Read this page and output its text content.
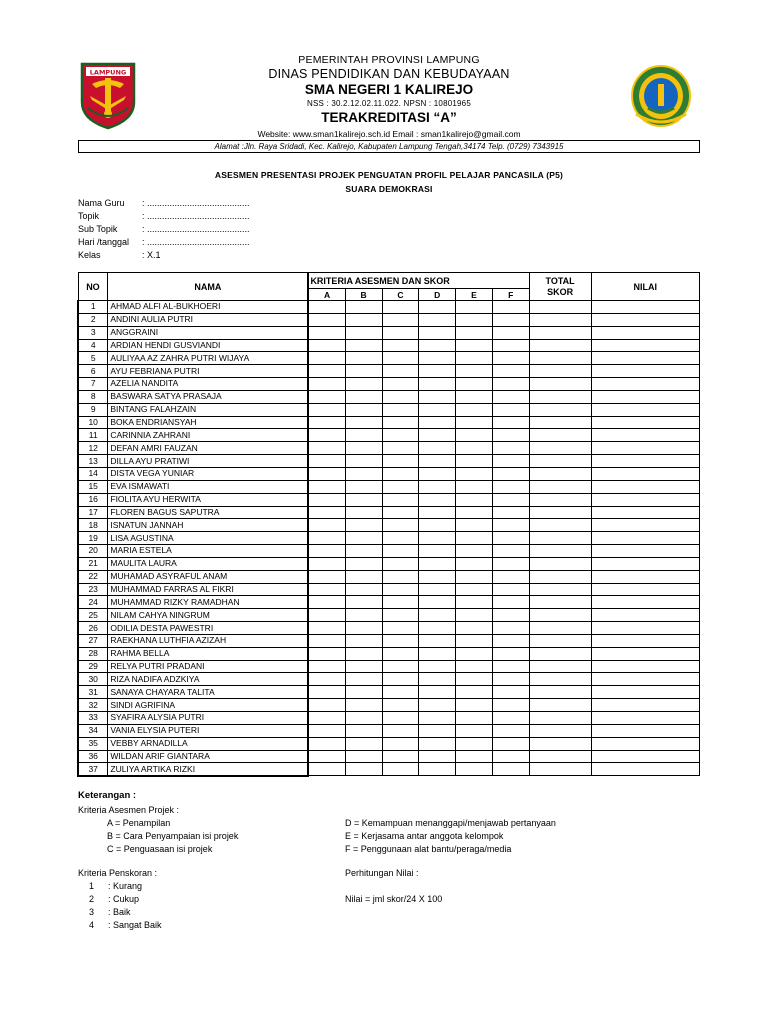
LAMPUNG
PEMERINTAH PROVINSI LAMPUNG
DINAS PENDIDIKAN DAN KEBUDAYAAN
SMA NEGERI 1 KALIREJO
NSS : 30.2.12.02.11.022. NPSN : 10801965
TERAKREDITASI “A”
Website: www.sman1kalirejo.sch.id Email : sman1kalirejo@gmail.com
Alamat :Jln. Raya Sridadi, Kec. Kalirejo, Kabupaten Lampung Tengah,34174 Telp. (0729) 7343915
ASESMEN PRESENTASI PROJEK PENGUATAN PROFIL PELAJAR PANCASILA (P5)
SUARA DEMOKRASI
Nama Guru	: .........................................
Topik	: .........................................
Sub Topik	: .........................................
Hari /tanggal	: .........................................
Kelas	: X.1
NO	NAMA	KRITERIA ASESMEN DAN SKOR						TOTAL SKOR	NILAI
		A	B	C	D	E	F		
1	AHMAD ALFI AL-BUKHOERI								
2	ANDINI AULIA PUTRI								
3	ANGGRAINI								
4	ARDIAN HENDI GUSVIANDI								
5	AULIYAA AZ ZAHRA PUTRI WIJAYA								
6	AYU FEBRIANA PUTRI								
7	AZELIA NANDITA								
8	BASWARA SATYA PRASAJA								
9	BINTANG FALAHZAIN								
10	BOKA ENDRIANSYAH								
11	CARINNIA ZAHRANI								
12	DEFAN AMRI FAUZAN								
13	DILLA AYU PRATIWI								
14	DISTA VEGA YUNIAR								
15	EVA ISMAWATI								
16	FIOLITA AYU HERWITA								
17	FLOREN BAGUS SAPUTRA								
18	ISNATUN JANNAH								
19	LISA AGUSTINA								
20	MARIA ESTELA								
21	MAULITA LAURA								
22	MUHAMAD ASYRAFUL ANAM								
23	MUHAMMAD FARRAS AL FIKRI								
24	MUHAMMAD RIZKY RAMADHAN								
25	NILAM CAHYA NINGRUM								
26	ODILIA DESTA PAWESTRI								
27	RAEKHANA LUTHFIA AZIZAH								
28	RAHMA BELLA								
29	RELYA PUTRI PRADANI								
30	RIZA NADIFA ADZKIYA								
31	SANAYA CHAYARA TALITA								
32	SINDI AGRIFINA								
33	SYAFIRA ALYSIA PUTRI								
34	VANIA ELYSIA PUTERI								
35	VEBBY ARNADILLA								
36	WILDAN ARIF GIANTARA								
37	ZULIYA ARTIKA RIZKI								
Keterangan :
Kriteria Asesmen Projek :
A = Penampilan
B = Cara Penyampaian isi projek
C = Penguasaan isi projek
D = Kemampuan menanggapi/menjawab pertanyaan
E = Kerjasama antar anggota kelompok
F = Penggunaan alat bantu/peraga/media
Kriteria Penskoran :
1 : Kurang
2 : Cukup
3 : Baik
4 : Sangat Baik
Perhitungan Nilai :
Nilai = jml skor/24 X 100
